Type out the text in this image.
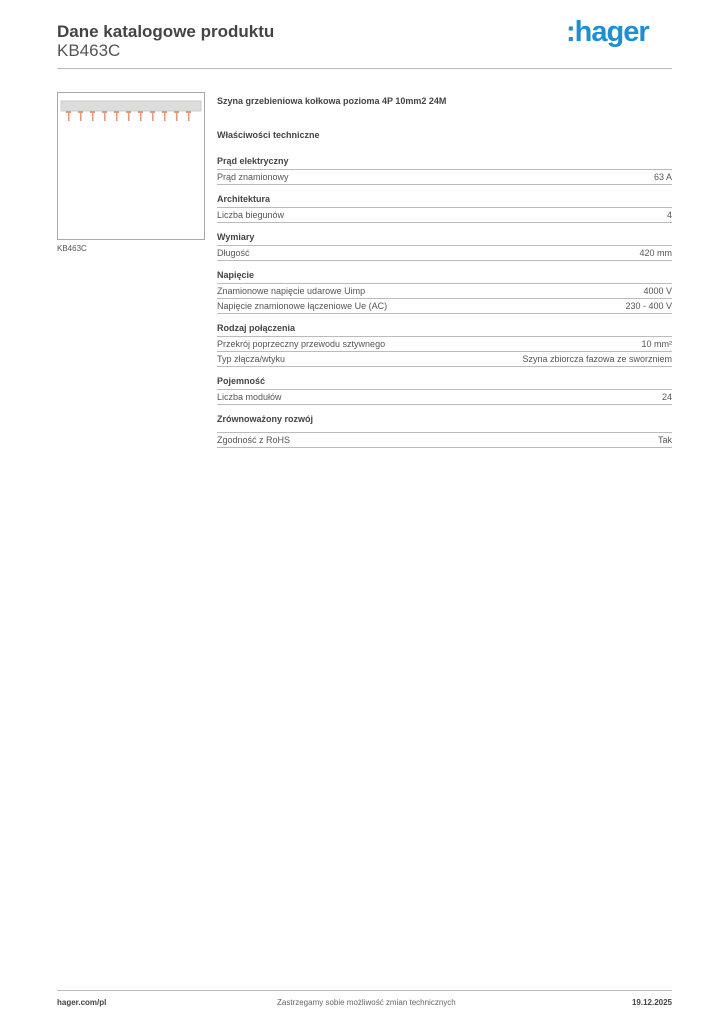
Dane katalogowe produktu
KB463C
:hager
KB463C
Szyna grzebieniowa kołkowa pozioma 4P 10mm2 24M
Właściwości techniczne
Prąd elektryczny
Prąd znamionowy	63 A
Architektura
Liczba biegunów	4
Wymiary
Długość	420 mm
Napięcie
Znamionowe napięcie udarowe Uimp	4000 V
Napięcie znamionowe łączeniowe Ue (AC)	230 - 400 V
Rodzaj połączenia
Przekrój poprzeczny przewodu sztywnego	10 mm²
Typ złącza/wtyku	Szyna zbiorcza fazowa ze sworzniem
Pojemność
Liczba modułów	24
Zrównoważony rozwój
Zgodność z RoHS	Tak
hager.com/pl	Zastrzegamy sobie możliwość zmian technicznych	19.12.2025
